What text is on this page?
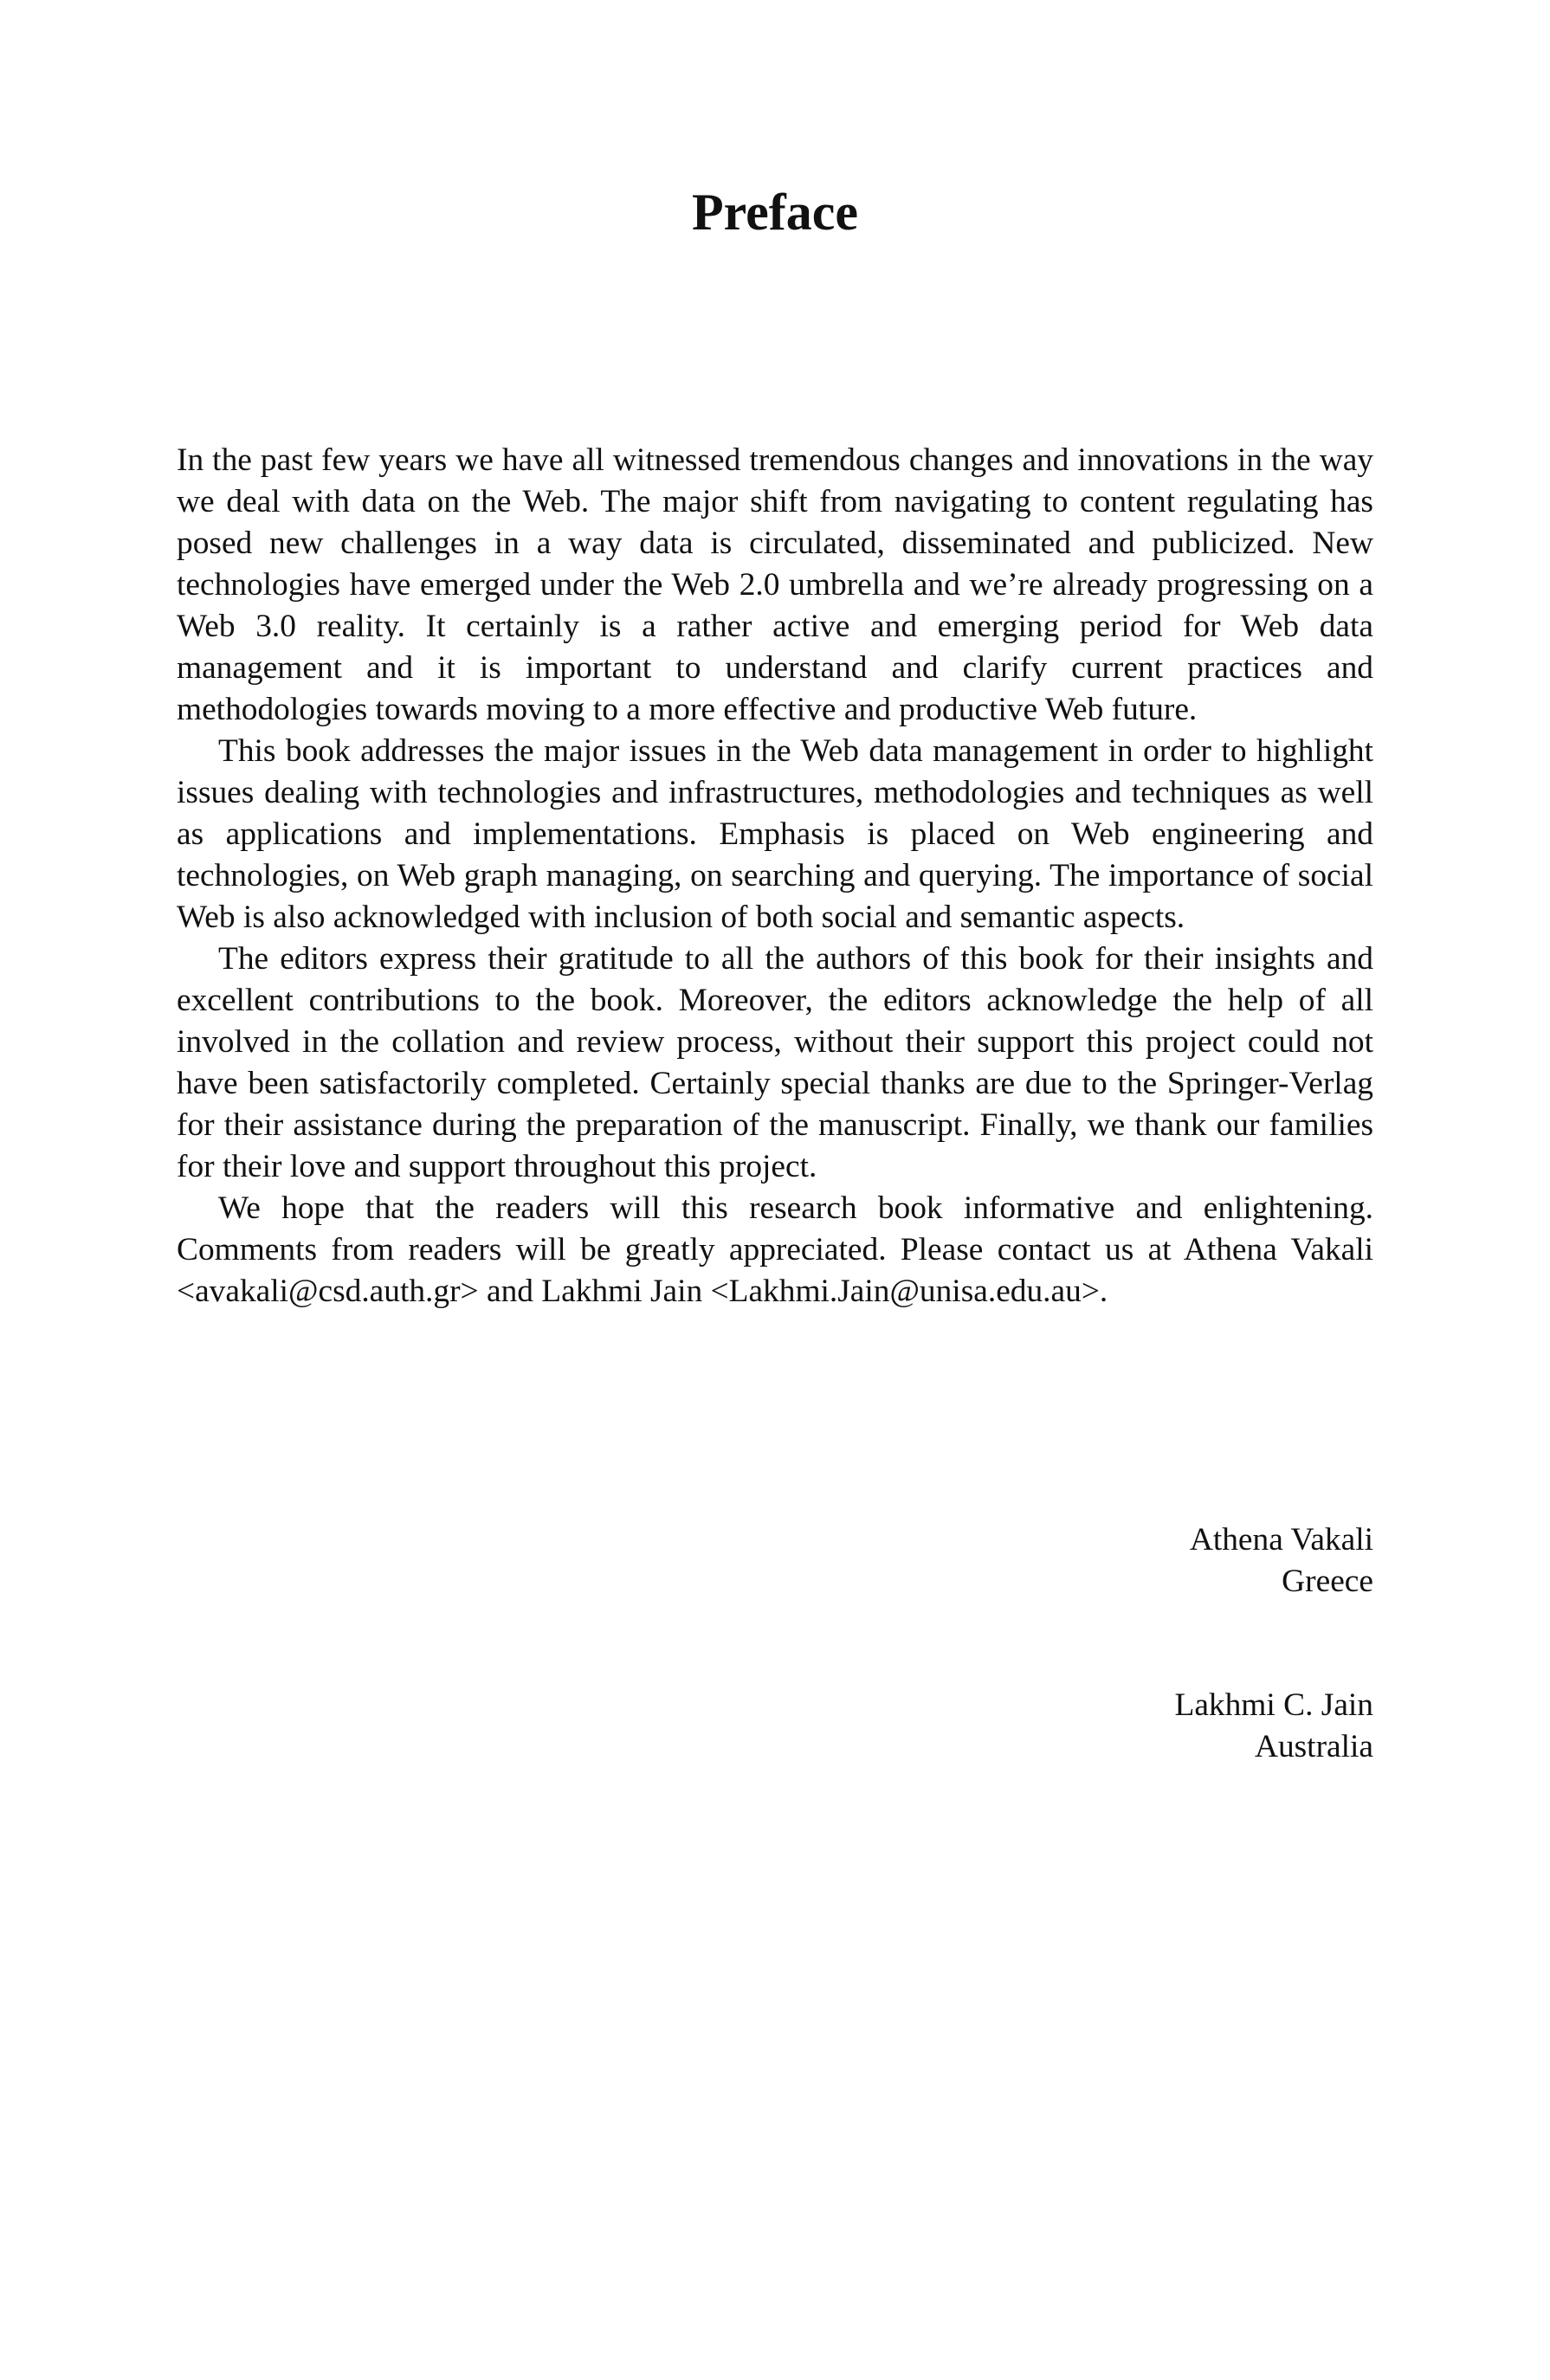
Preface

In the past few years we have all witnessed tremendous changes and innovations in the way we deal with data on the Web. The major shift from navigating to content regulating has posed new challenges in a way data is circulated, disseminated and publicized. New technologies have emerged under the Web 2.0 umbrella and we’re already progressing on a Web 3.0 reality. It certainly is a rather active and emerging period for Web data management and it is important to understand and clarify current practices and methodologies towards moving to a more effective and productive Web future.

This book addresses the major issues in the Web data management in order to highlight issues dealing with technologies and infrastructures, methodologies and techniques as well as applications and implementations. Emphasis is placed on Web engineering and technologies, on Web graph managing, on searching and querying. The importance of social Web is also acknowledged with inclusion of both social and semantic aspects.

The editors express their gratitude to all the authors of this book for their insights and excellent contributions to the book. Moreover, the editors acknowledge the help of all involved in the collation and review process, without their support this project could not have been satisfactorily completed. Certainly special thanks are due to the Springer-Verlag for their assistance during the preparation of the manuscript. Finally, we thank our families for their love and support throughout this project.

We hope that the readers will this research book informative and enlightening. Comments from readers will be greatly appreciated. Please contact us at Athena Vakali <avakali@csd.auth.gr> and Lakhmi Jain <Lakhmi.Jain@unisa.edu.au>.

Athena Vakali
Greece
Lakhmi C. Jain
Australia
